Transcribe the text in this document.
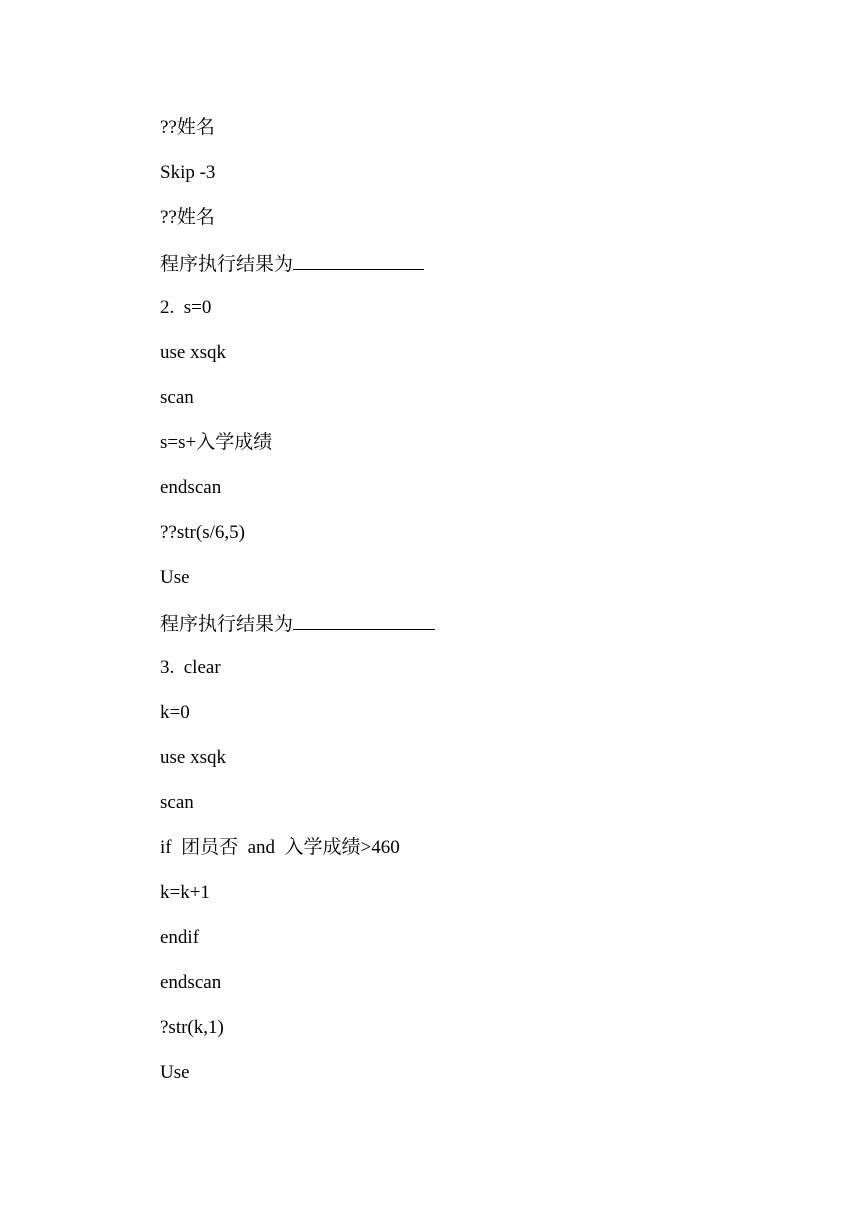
??姓名
Skip -3
??姓名
程序执行结果为
2.  s=0
use xsqk
scan
s=s+入学成绩
endscan
??str(s/6,5)
Use
程序执行结果为
3.  clear
k=0
use xsqk
scan
if  团员否  and  入学成绩>460
k=k+1
endif
endscan
?str(k,1)
Use
